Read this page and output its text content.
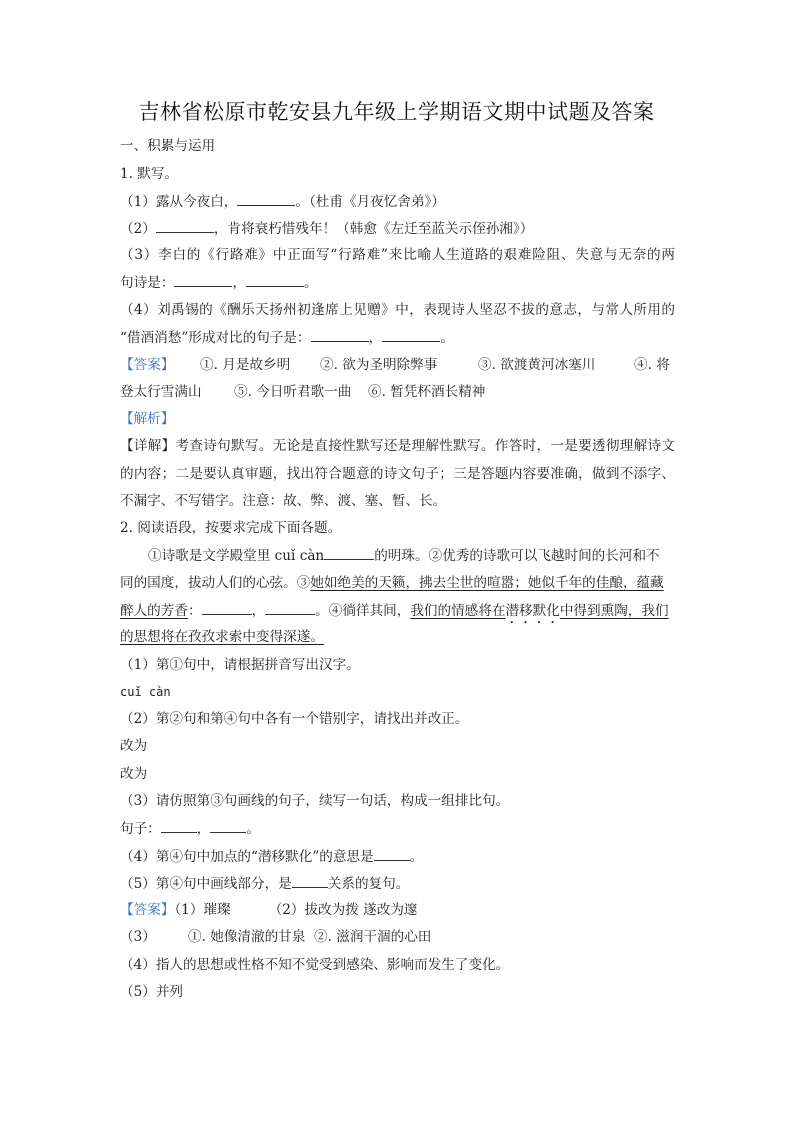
吉林省松原市乾安县九年级上学期语文期中试题及答案
一、积累与运用
1. 默写。
（1）露从今夜白，	。（杜甫《月夜忆舍弟》）
（2）	，肯将衰朽惜残年！（韩愈《左迁至蓝关示侄孙湘》）
（3）李白的《行路难》中正面写“行路难”来比喻人生道路的艰难险阻、失意与无奈的两
句诗是：	，	。
（4）刘禹锡的《酬乐天扬州初逢席上见赠》中，表现诗人坚忍不拔的意志，与常人所用的
“借酒消愁”形成对比的句子是：	，	。
【答案】 ①. 月是故乡明 ②. 欲为圣明除弊事	③. 欲渡黄河冰塞川	④. 将
登太行雪满山 ⑤. 今日听君歌一曲 ⑥. 暂凭杯酒长精神
【解析】
【详解】考查诗句默写。无论是直接性默写还是理解性默写。作答时，一是要透彻理解诗文
的内容；二是要认真审题，找出符合题意的诗文句子；三是答题内容要准确，做到不添字、
不漏字、不写错字。注意：故、弊、渡、塞、暂、长。
2. 阅读语段，按要求完成下面各题。
①诗歌是文学殿堂里 cuǐ càn	的明珠。②优秀的诗歌可以飞越时间的长河和不
同的国度，拔动人们的心弦。③她如绝美的天籁，拂去尘世的喧嚣；她似千年的佳酿，蕴藏
醉人的芳香：	，	。④徜徉其间，我们的情感将在潜移默化中得到熏陶，我们
的思想将在孜孜求索中变得深遂。
（1）第①句中，请根据拼音写出汉字。
cuǐ càn
（2）第②句和第④句中各有一个错别字，请找出并改正。
改为
改为
（3）请仿照第③句画线的句子，续写一句话，构成一组排比句。
句子：	，	。
（4）第④句中加点的“潜移默化”的意思是	。
（5）第④句中画线部分，是	关系的复句。
【答案】（1）璀璨	（2）拔改为拨 遂改为邃
（3） ①. 她像清澈的甘泉 ②. 滋润干涸的心田
（4）指人的思想或性格不知不觉受到感染、影响而发生了变化。
（5）并列
